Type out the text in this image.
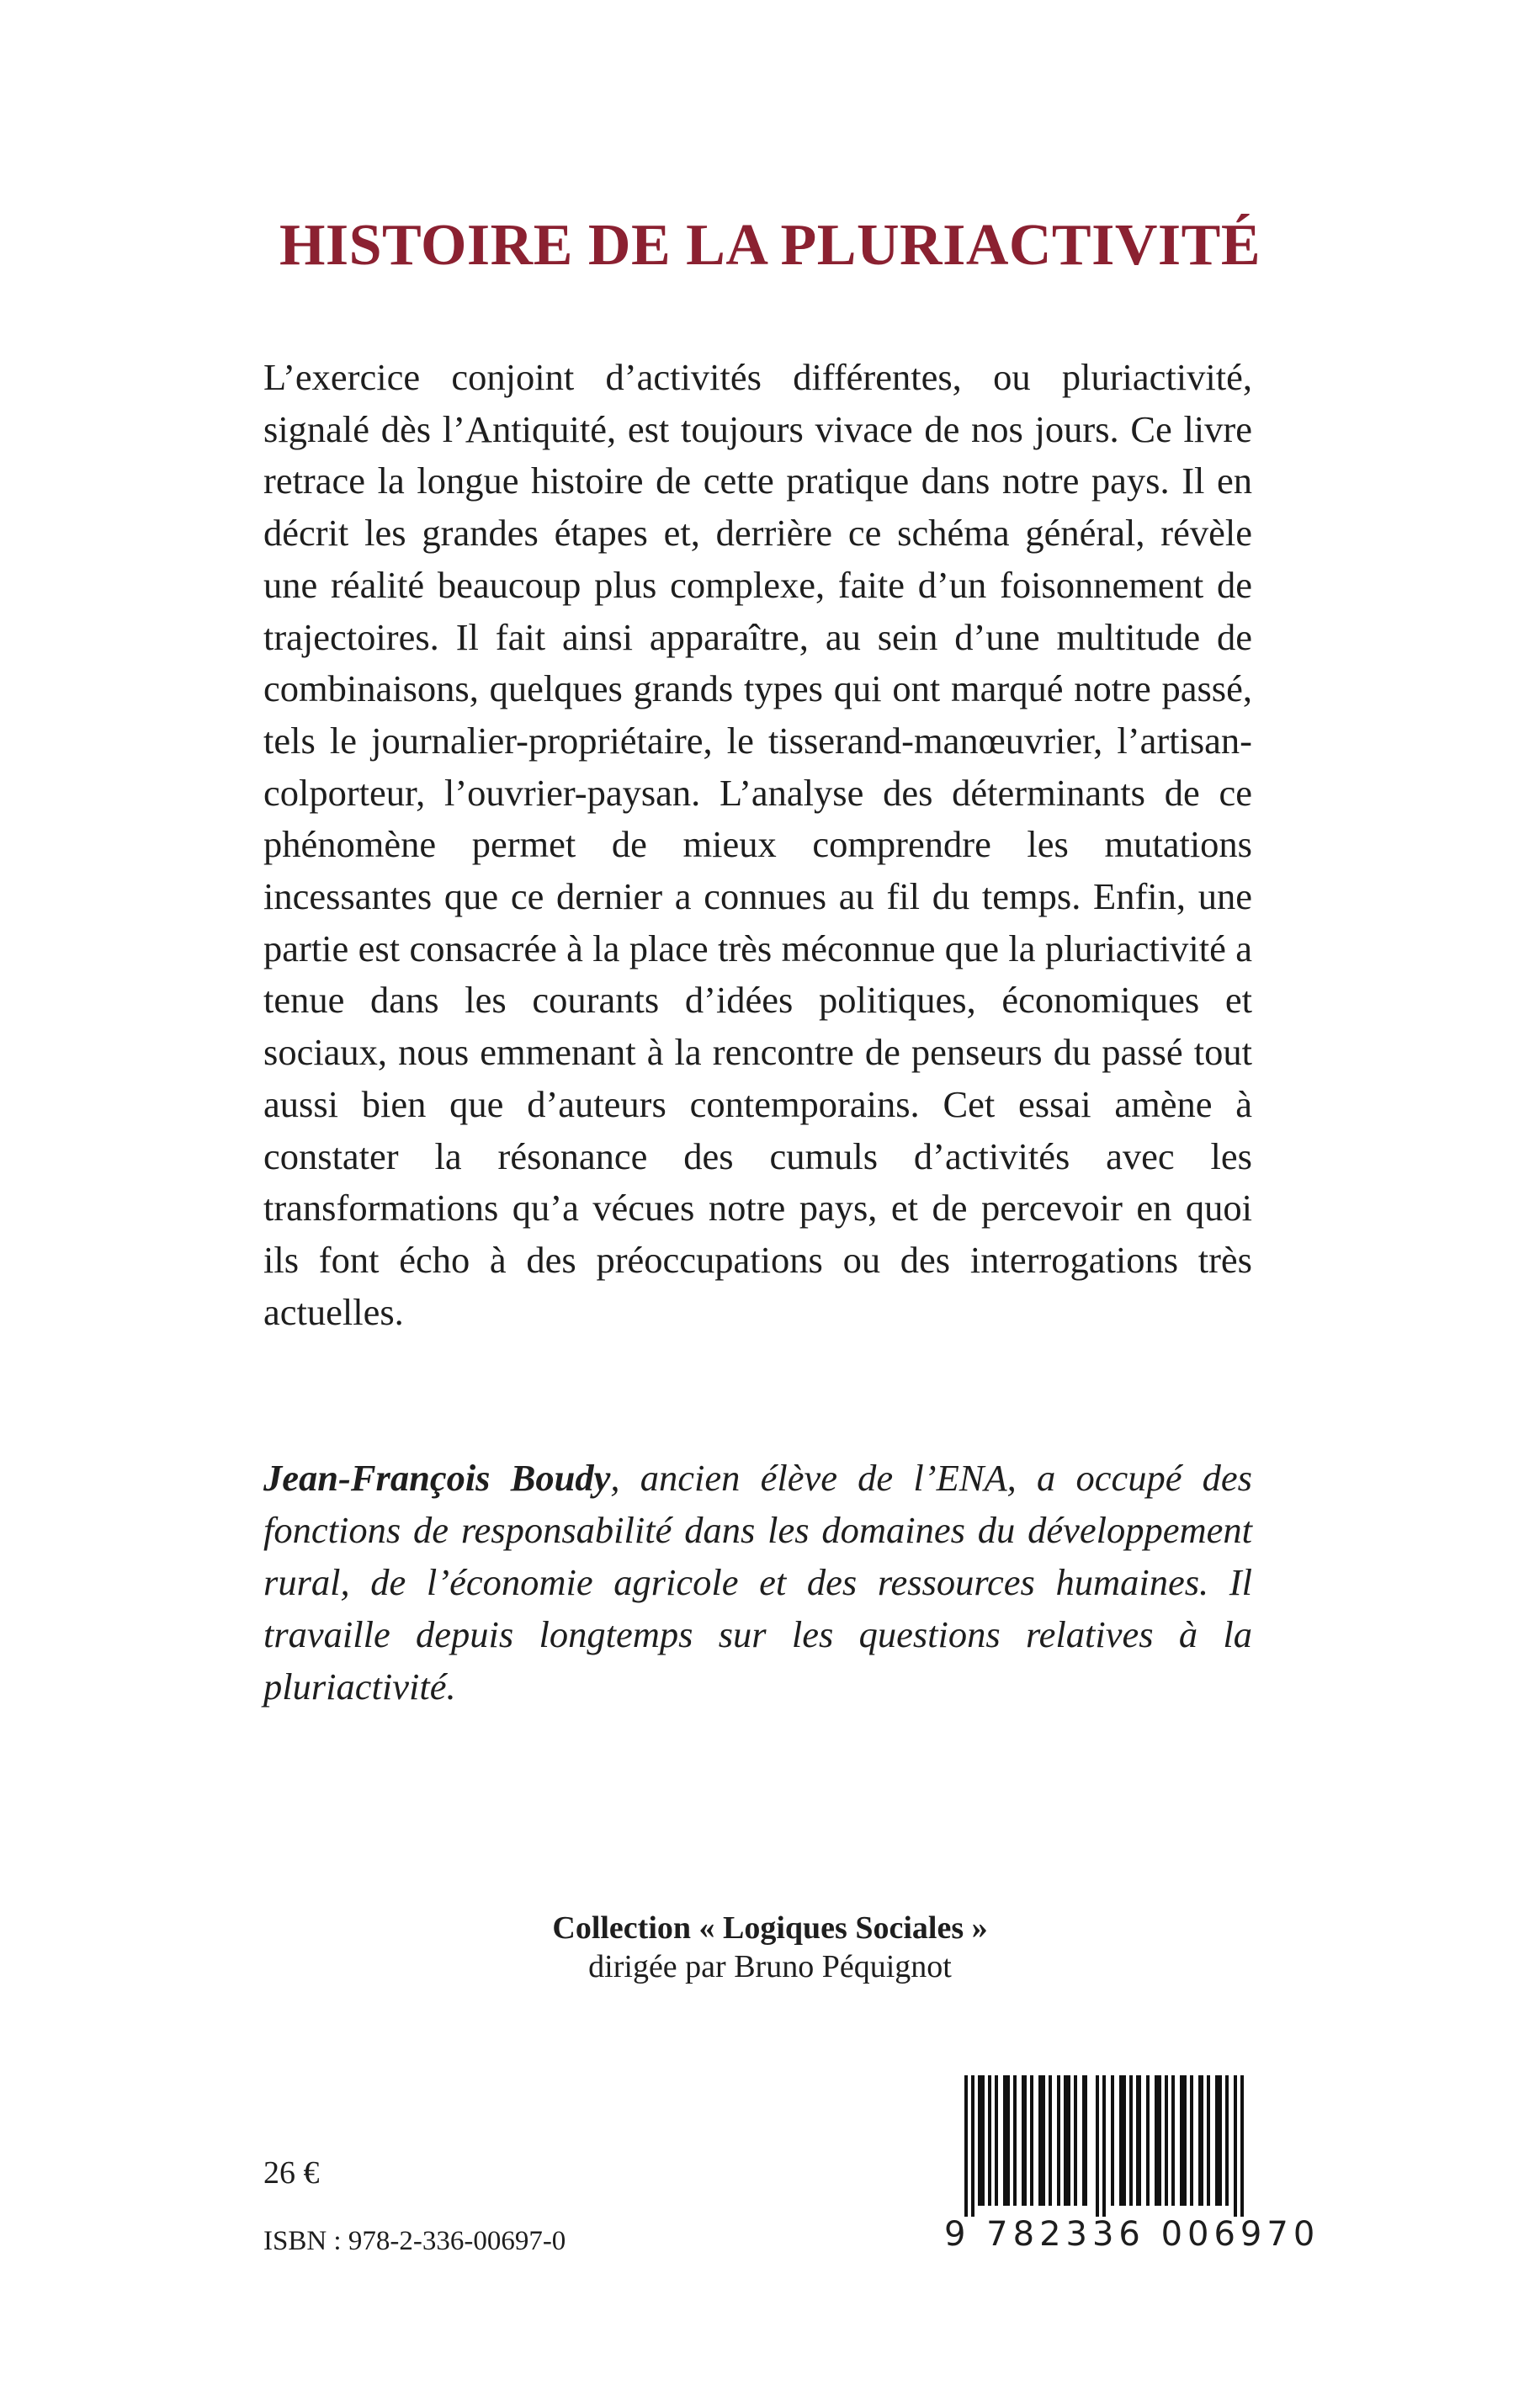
HISTOIRE DE LA PLURIACTIVITÉ

L’exercice conjoint d’activités différentes, ou pluriactivité, signalé dès l’Antiquité, est toujours vivace de nos jours. Ce livre retrace la longue histoire de cette pratique dans notre pays. Il en décrit les grandes étapes et, derrière ce schéma général, révèle une réalité beaucoup plus complexe, faite d’un foisonnement de trajectoires. Il fait ainsi apparaître, au sein d’une multitude de combinaisons, quelques grands types qui ont marqué notre passé, tels le journalier-propriétaire, le tisserand-manœuvrier, l’artisan-colporteur, l’ouvrier-paysan. L’analyse des déterminants de ce phénomène permet de mieux comprendre les mutations incessantes que ce dernier a connues au fil du temps. Enfin, une partie est consacrée à la place très méconnue que la pluriactivité a tenue dans les courants d’idées politiques, économiques et sociaux, nous emmenant à la rencontre de penseurs du passé tout aussi bien que d’auteurs contemporains. Cet essai amène à constater la résonance des cumuls d’activités avec les transformations qu’a vécues notre pays, et de percevoir en quoi ils font écho à des préoccupations ou des interrogations très actuelles.

Jean-François Boudy, ancien élève de l’ENA, a occupé des fonctions de responsabilité dans les domaines du développement rural, de l’économie agricole et des ressources humaines. Il travaille depuis longtemps sur les questions relatives à la pluriactivité.

Collection « Logiques Sociales »
dirigée par Bruno Péquignot
26 €
ISBN : 978-2-336-00697-0	9 782336 006970
